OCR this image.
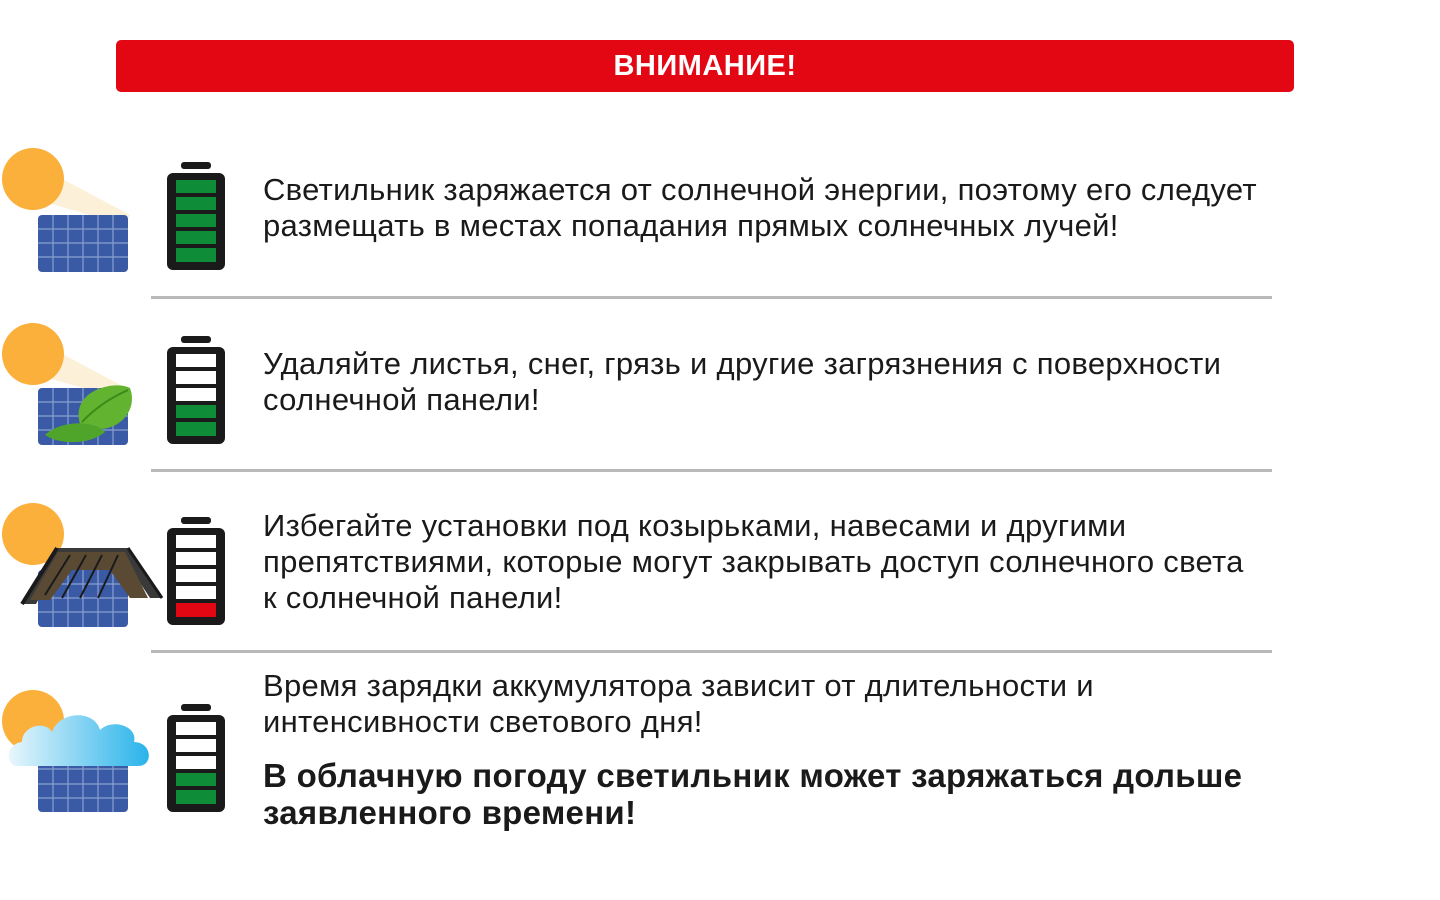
ВНИМАНИЕ!

Светильник заряжается от солнечной энергии, поэтому его следует
размещать в местах попадания прямых солнечных лучей!

Удаляйте листья, снег, грязь и другие загрязнения с поверхности
солнечной панели!

Избегайте установки под козырьками, навесами и другими
препятствиями, которые могут закрывать доступ солнечного света
к солнечной панели!

Время зарядки аккумулятора зависит от длительности и
интенсивности светового дня!

В облачную погоду светильник может заряжаться дольше
заявленного времени!
